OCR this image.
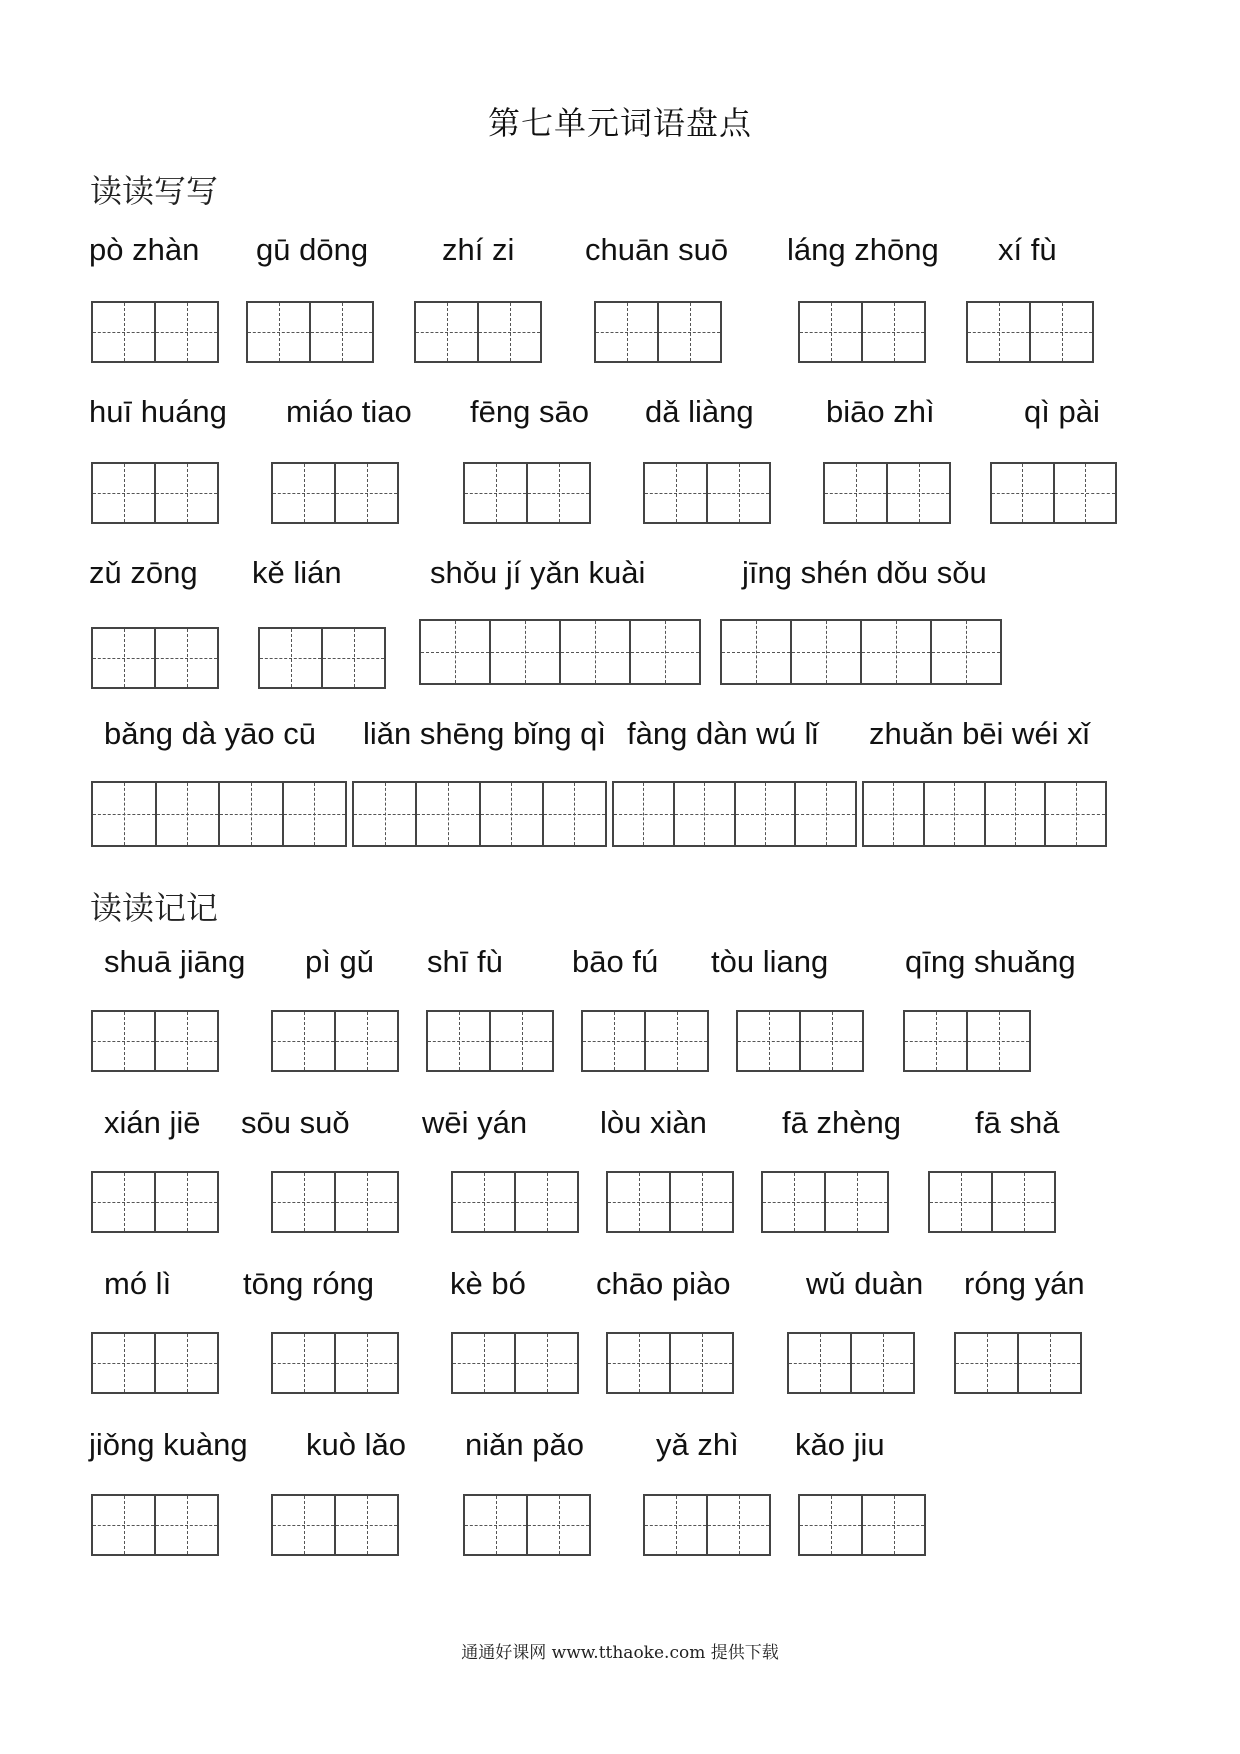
第七单元词语盘点
读读写写
读读记记
pò zhàn gū dōng zhí zi chuān suō láng zhōng xí fù
huī huáng miáo tiao fēng sāo dǎ liàng biāo zhì	qì pài
zǔ zōng kě lián	shǒu jí yǎn kuài	jīng shén dǒu sǒu
bǎng dà yāo cū liǎn shēng bǐng qì fàng dàn wú lǐ zhuǎn bēi wéi xǐ
shuā jiāng pì gǔ shī fù bāo fú tòu liang qīng shuǎng
xián jiē sōu suǒ wēi yán lòu xiàn fā zhèng fā shǎ
mó lì tōng róng kè bó chāo piào wǔ duàn róng yán
jiǒng kuàng kuò lǎo niǎn pǎo yǎ zhì kǎo jiu
通通好课网 www.tthaoke.com 提供下载
